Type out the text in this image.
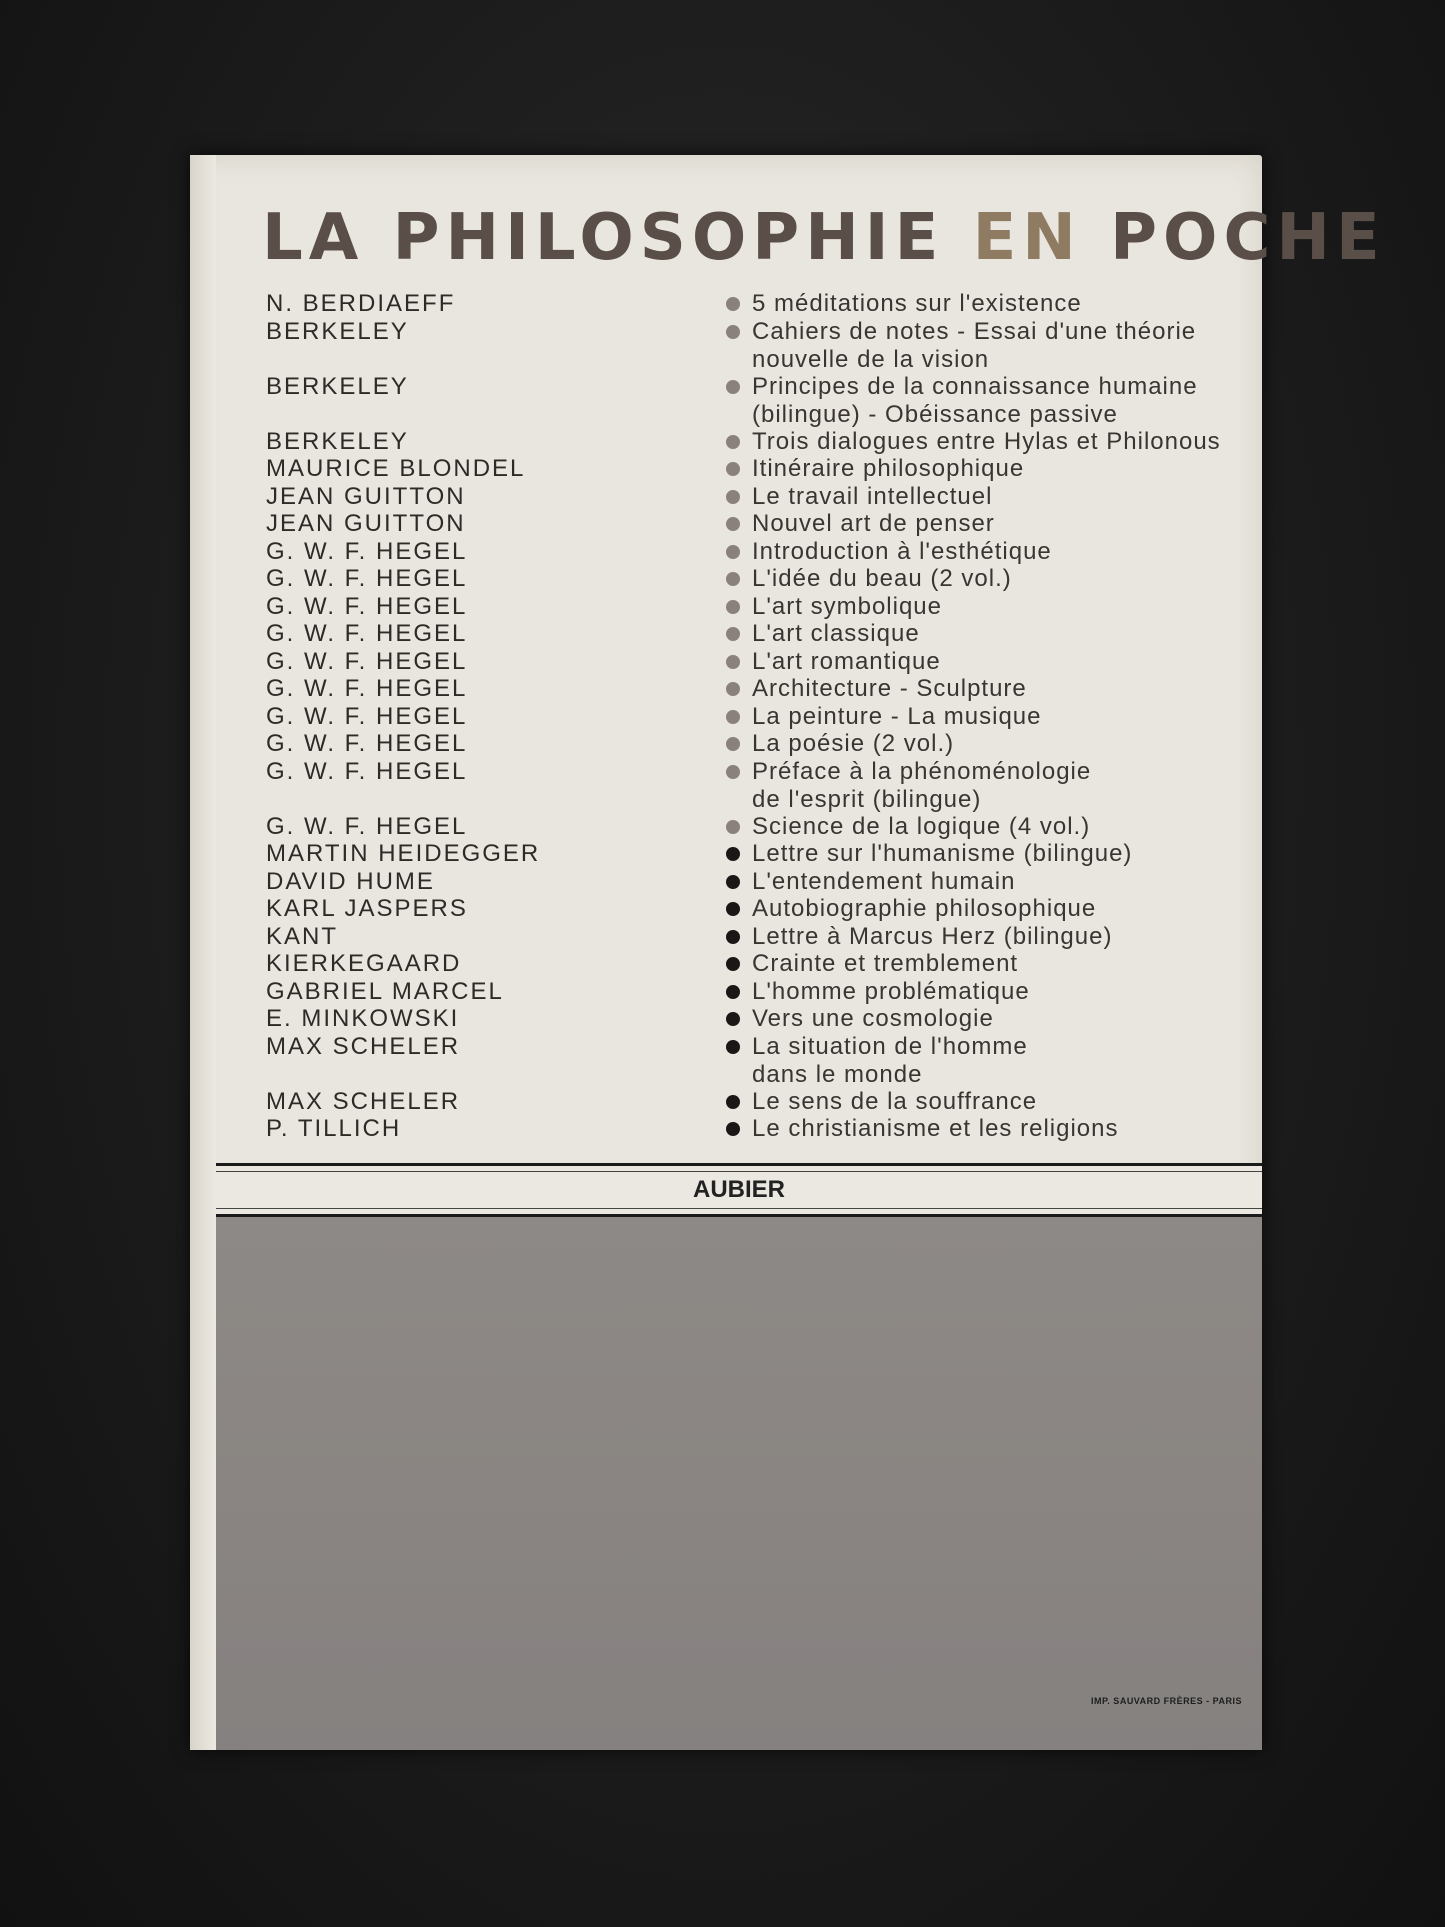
LA PHILOSOPHIE EN POCHE
N. BERDIAEFF	5 méditations sur l'existence
BERKELEY	Cahiers de notes - Essai d'une théorie
nouvelle de la vision
BERKELEY	Principes de la connaissance humaine
(bilingue) - Obéissance passive
BERKELEY	Trois dialogues entre Hylas et Philonous
MAURICE BLONDEL	Itinéraire philosophique
JEAN GUITTON	Le travail intellectuel
JEAN GUITTON	Nouvel art de penser
G. W. F. HEGEL	Introduction à l'esthétique
G. W. F. HEGEL	L'idée du beau (2 vol.)
G. W. F. HEGEL	L'art symbolique
G. W. F. HEGEL	L'art classique
G. W. F. HEGEL	L'art romantique
G. W. F. HEGEL	Architecture - Sculpture
G. W. F. HEGEL	La peinture - La musique
G. W. F. HEGEL	La poésie (2 vol.)
G. W. F. HEGEL	Préface à la phénoménologie
de l'esprit (bilingue)
G. W. F. HEGEL	Science de la logique (4 vol.)
MARTIN HEIDEGGER	Lettre sur l'humanisme (bilingue)
DAVID HUME	L'entendement humain
KARL JASPERS	Autobiographie philosophique
KANT	Lettre à Marcus Herz (bilingue)
KIERKEGAARD	Crainte et tremblement
GABRIEL MARCEL	L'homme problématique
E. MINKOWSKI	Vers une cosmologie
MAX SCHELER	La situation de l'homme
dans le monde
MAX SCHELER	Le sens de la souffrance
P. TILLICH	Le christianisme et les religions
AUBIER
IMP. SAUVARD FRÈRES - PARIS
